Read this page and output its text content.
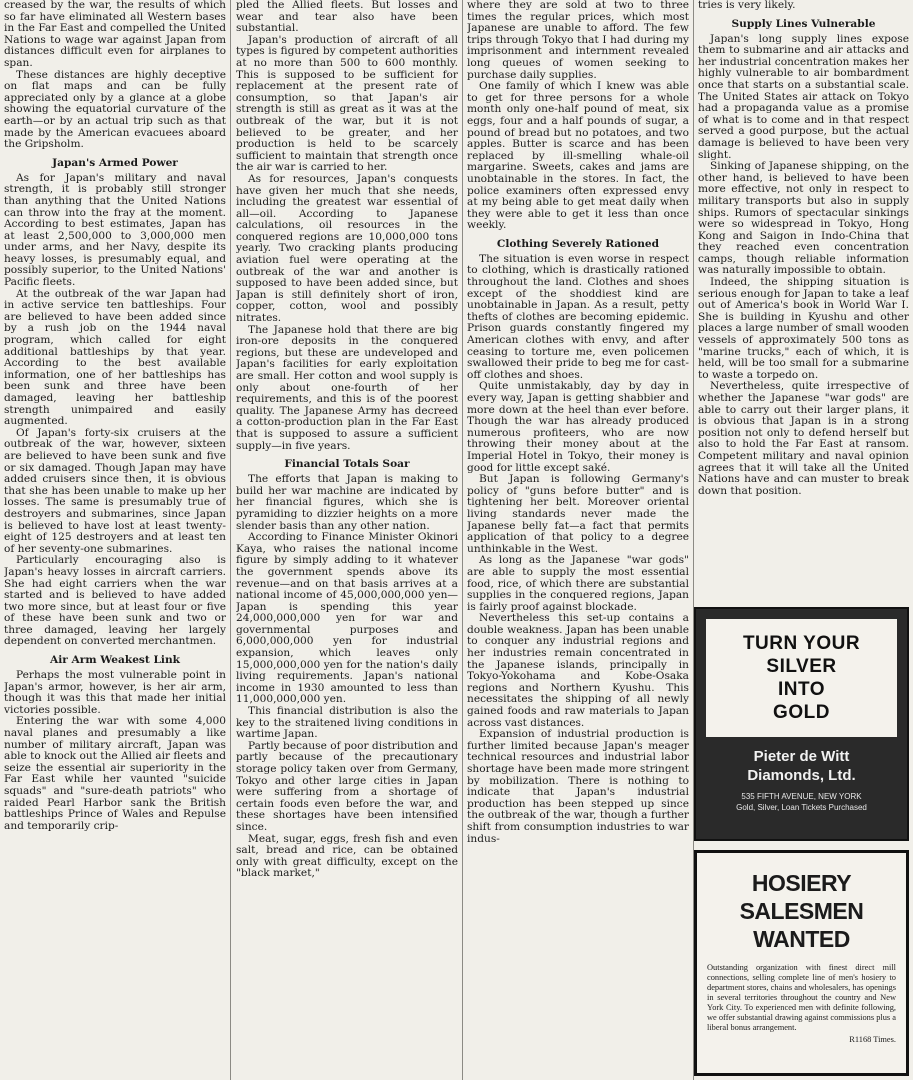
creased by the war, the results of which so far have eliminated all Western bases in the Far East and compelled the United Nations to wage war against Japan from distances difficult even for airplanes to span.

These distances are highly deceptive on flat maps and can be fully appreciated only by a glance at a globe showing the equatorial curvature of the earth—or by an actual trip such as that made by the American evacuees aboard the Gripsholm.

Japan's Armed Power

As for Japan's military and naval strength, it is probably still stronger than anything that the United Nations can throw into the fray at the moment. According to best estimates, Japan has at least 2,500,000 to 3,000,000 men under arms, and her Navy, despite its heavy losses, is presumably equal, and possibly superior, to the United Nations' Pacific fleets.

At the outbreak of the war Japan had in active service ten battleships. Four are believed to have been added since by a rush job on the 1944 naval program, which called for eight additional battleships by that year. According to the best available information, one of her battleships has been sunk and three have been damaged, leaving her battleship strength unimpaired and easily augmented.

Of Japan's forty-six cruisers at the outbreak of the war, however, sixteen are believed to have been sunk and five or six damaged. Though Japan may have added cruisers since then, it is obvious that she has been unable to make up her losses. The same is presumably true of destroyers and submarines, since Japan is believed to have lost at least twenty-eight of 125 destroyers and at least ten of her seventy-one submarines.

Particularly encouraging also is Japan's heavy losses in aircraft carriers. She had eight carriers when the war started and is believed to have added two more since, but at least four or five of these have been sunk and two or three damaged, leaving her largely dependent on converted merchantmen.

Air Arm Weakest Link

Perhaps the most vulnerable point in Japan's armor, however, is her air arm, though it was this that made her initial victories possible.

Entering the war with some 4,000 naval planes and presumably a like number of military aircraft, Japan was able to knock out the Allied air fleets and seize the essential air superiority in the Far East while her vaunted "suicide squads" and "sure-death patriots" who raided Pearl Harbor sank the British battleships Prince of Wales and Repulse and temporarily crip-

pled the Allied fleets. But losses and wear and tear also have been substantial.

Japan's production of aircraft of all types is figured by competent authorities at no more than 500 to 600 monthly. This is supposed to be sufficient for replacement at the present rate of consumption, so that Japan's air strength is still as great as it was at the outbreak of the war, but it is not believed to be greater, and her production is held to be scarcely sufficient to maintain that strength once the air war is carried to her.

As for resources, Japan's conquests have given her much that she needs, including the greatest war essential of all—oil. According to Japanese calculations, oil resources in the conquered regions are 10,000,000 tons yearly. Two cracking plants producing aviation fuel were operating at the outbreak of the war and another is supposed to have been added since, but Japan is still definitely short of iron, copper, cotton, wool and possibly nitrates.

The Japanese hold that there are big iron-ore deposits in the conquered regions, but these are undeveloped and Japan's facilities for early exploitation are small. Her cotton and wool supply is only about one-fourth of her requirements, and this is of the poorest quality. The Japanese Army has decreed a cotton-production plan in the Far East that is supposed to assure a sufficient supply—in five years.

Financial Totals Soar

The efforts that Japan is making to build her war machine are indicated by her financial figures, which she is pyramiding to dizzier heights on a more slender basis than any other nation.

According to Finance Minister Okinori Kaya, who raises the national income figure by simply adding to it whatever the government spends above its revenue—and on that basis arrives at a national income of 45,000,000,000 yen—Japan is spending this year 24,000,000,000 yen for war and governmental purposes and 6,000,000,000 yen for industrial expansion, which leaves only 15,000,000,000 yen for the nation's daily living requirements. Japan's national income in 1930 amounted to less than 11,000,000,000 yen.

This financial distribution is also the key to the straitened living conditions in wartime Japan.

Partly because of poor distribution and partly because of the precautionary storage policy taken over from Germany, Tokyo and other large cities in Japan were suffering from a shortage of certain foods even before the war, and these shortages have been intensified since.

Meat, sugar, eggs, fresh fish and even salt, bread and rice, can be obtained only with great difficulty, except on the "black market,"

where they are sold at two to three times the regular prices, which most Japanese are unable to afford. The few trips through Tokyo that I had during my imprisonment and internment revealed long queues of women seeking to purchase daily supplies.

One family of which I knew was able to get for three persons for a whole month only one-half pound of meat, six eggs, four and a half pounds of sugar, a pound of bread but no potatoes, and two apples. Butter is scarce and has been replaced by ill-smelling whale-oil margarine. Sweets, cakes and jams are unobtainable in the stores. In fact, the police examiners often expressed envy at my being able to get meat daily when they were able to get it less than once weekly.

Clothing Severely Rationed

The situation is even worse in respect to clothing, which is drastically rationed throughout the land. Clothes and shoes except of the shoddiest kind are unobtainable in Japan. As a result, petty thefts of clothes are becoming epidemic. Prison guards constantly fingered my American clothes with envy, and after ceasing to torture me, even policemen swallowed their pride to beg me for cast-off clothes and shoes.

Quite unmistakably, day by day in every way, Japan is getting shabbier and more down at the heel than ever before. Though the war has already produced numerous profiteers, who are now throwing their money about at the Imperial Hotel in Tokyo, their money is good for little except saké.

But Japan is following Germany's policy of "guns before butter" and is tightening her belt. Moreover oriental living standards never made the Japanese belly fat—a fact that permits application of that policy to a degree unthinkable in the West.

As long as the Japanese "war gods" are able to supply the most essential food, rice, of which there are substantial supplies in the conquered regions, Japan is fairly proof against blockade.

Nevertheless this set-up contains a double weakness. Japan has been unable to conquer any industrial regions and her industries remain concentrated in the Japanese islands, principally in Tokyo-Yokohama and Kobe-Osaka regions and Northern Kyushu. This necessitates the shipping of all newly gained foods and raw materials to Japan across vast distances.

Expansion of industrial production is further limited because Japan's meager technical resources and industrial labor shortage have been made more stringent by mobilization. There is nothing to indicate that Japan's industrial production has been stepped up since the outbreak of the war, though a further shift from consumption industries to war indus-

tries is very likely.

Supply Lines Vulnerable

Japan's long supply lines expose them to submarine and air attacks and her industrial concentration makes her highly vulnerable to air bombardment once that starts on a substantial scale. The United States air attack on Tokyo had a propaganda value as a promise of what is to come and in that respect served a good purpose, but the actual damage is believed to have been very slight.

Sinking of Japanese shipping, on the other hand, is believed to have been more effective, not only in respect to military transports but also in supply ships. Rumors of spectacular sinkings were so widespread in Tokyo, Hong Kong and Saigon in Indo-China that they reached even concentration camps, though reliable information was naturally impossible to obtain.

Indeed, the shipping situation is serious enough for Japan to take a leaf out of America's book in World War I. She is building in Kyushu and other places a large number of small wooden vessels of approximately 500 tons as "marine trucks," each of which, it is held, will be too small for a submarine to waste a torpedo on.

Nevertheless, quite irrespective of whether the Japanese "war gods" are able to carry out their larger plans, it is obvious that Japan is in a strong position not only to defend herself but also to hold the Far East at ransom. Competent military and naval opinion agrees that it will take all the United Nations have and can muster to break down that position.

TURN YOUR
SILVER
INTO
GOLD
Pieter de Witt
Diamonds, Ltd.
535 FIFTH AVENUE, NEW YORK
Gold, Silver, Loan Tickets Purchased
HOSIERY SALESMEN
WANTED
Outstanding organization with finest direct mill connections, selling complete line of men's hosiery to department stores, chains and wholesalers, has openings in several territories throughout the country and New York City. To experienced men with definite following, we offer substantial drawing against commissions plus a liberal bonus arrangement.
R1168 Times.
